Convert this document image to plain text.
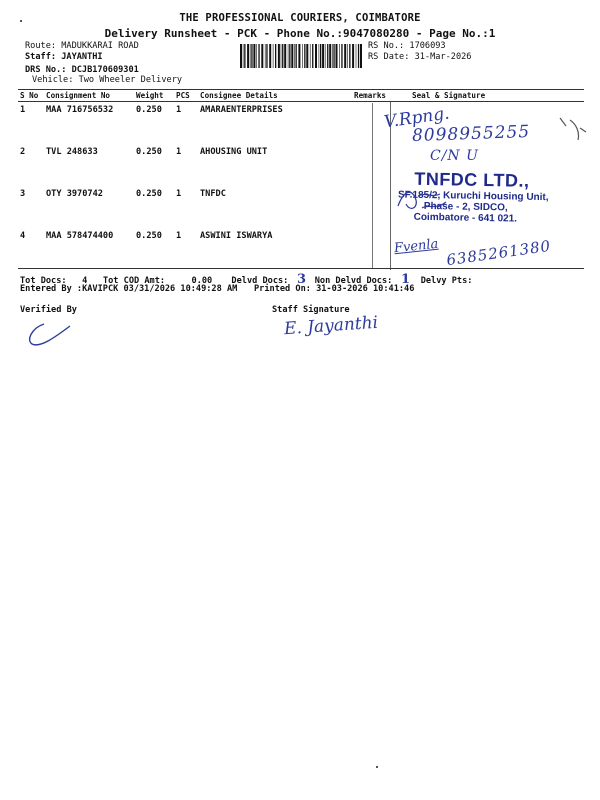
THE PROFESSIONAL COURIERS, COIMBATORE
Delivery Runsheet - PCK - Phone No.:9047080280 - Page No.:1
Route: MADUKKARAI ROAD
Staff: JAYANTHI
DRS No.: DCJB170609301
Vehicle: Two Wheeler Delivery
RS No.: 1706093
RS Date: 31-Mar-2026
S No	Consignment No	Weight	PCS	Consignee Details	Remarks	Seal & Signature
1	MAA 716756532	0.250	1	AMARAENTERPRISES		
2	TVL 248633	0.250	1	AHOUSING UNIT		
3	OTY 3970742	0.250	1	TNFDC		
4	MAA 578474400	0.250	1	ASWINI ISWARYA		
V.Rpng.
8098955255
C/N U
TNFDC LTD.,
SF.185/2, Kuruchi Housing Unit,
Phase - 2, SIDCO,
Coimbatore - 641 021.
Fvenla 6385261380
Tot Docs: 4 Tot COD Amt:	0.00 Delvd Docs: 3 Non Delvd Docs: 1 Delvy Pts:
Entered By :KAVIPCK 03/31/2026 10:49:28 AM Printed On: 31-03-2026 10:41:46
Verified By	Staff Signature
E. Jayanthi
